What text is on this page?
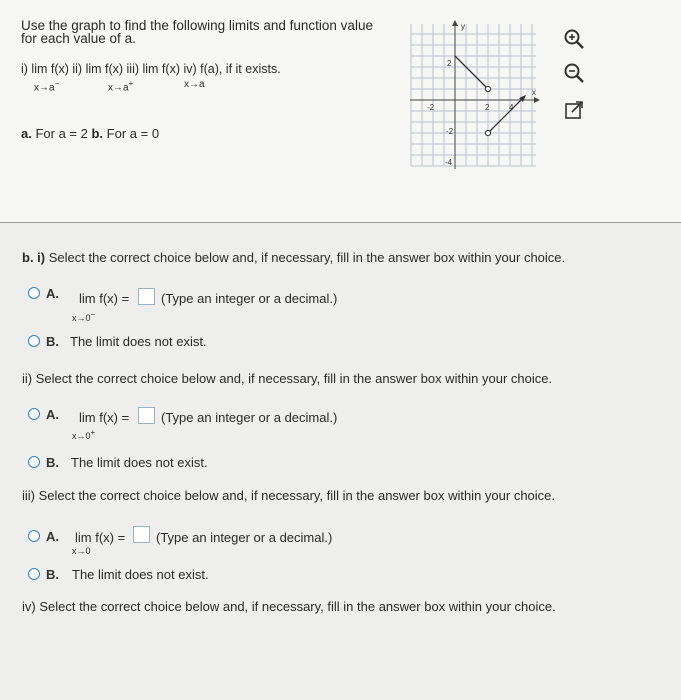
Use the graph to find the following limits and function value
for each value of a.
i) lim f(x) ii) lim f(x) iii) lim f(x) iv) f(a), if it exists.
x→a−	x→a+	x→a
a. For a = 2 b. For a = 0
y
x
2
-2
-4
-2	2 4
b. i) Select the correct choice below and, if necessary, fill in the answer box within your choice.
A. lim f(x) = (Type an integer or a decimal.)
x→0−
B. The limit does not exist.
ii) Select the correct choice below and, if necessary, fill in the answer box within your choice.
A. lim f(x) = (Type an integer or a decimal.)
x→0+
B. The limit does not exist.
iii) Select the correct choice below and, if necessary, fill in the answer box within your choice.
A. lim f(x) = (Type an integer or a decimal.)
x→0
B. The limit does not exist.
iv) Select the correct choice below and, if necessary, fill in the answer box within your choice.
